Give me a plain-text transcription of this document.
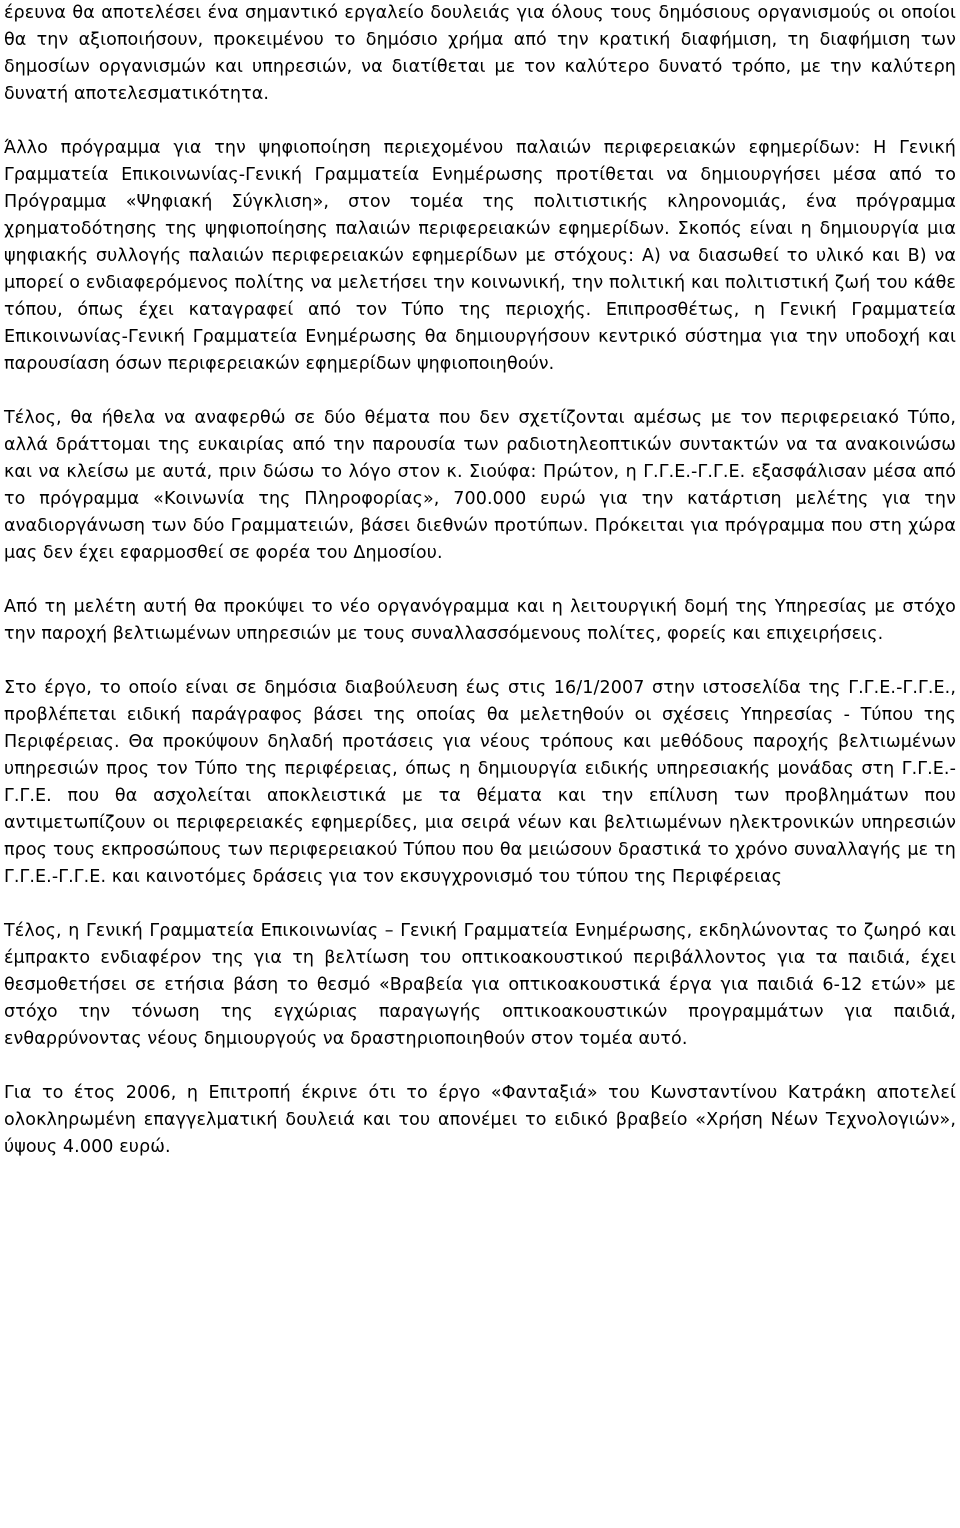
έρευνα θα αποτελέσει ένα σημαντικό εργαλείο δουλειάς για όλους τους δημόσιους οργανισμούς οι οποίοι θα την αξιοποιήσουν, προκειμένου το δημόσιο χρήμα από την κρατική διαφήμιση, τη διαφήμιση των δημοσίων οργανισμών και υπηρεσιών, να διατίθεται με τον καλύτερο δυνατό τρόπο, με την καλύτερη δυνατή αποτελεσματικότητα.

Άλλο πρόγραμμα για την ψηφιοποίηση περιεχομένου παλαιών περιφερειακών εφημερίδων: Η Γενική Γραμματεία Επικοινωνίας-Γενική Γραμματεία Ενημέρωσης προτίθεται να δημιουργήσει μέσα από το Πρόγραμμα «Ψηφιακή Σύγκλιση», στον τομέα της πολιτιστικής κληρονομιάς, ένα πρόγραμμα χρηματοδότησης της ψηφιοποίησης παλαιών περιφερειακών εφημερίδων. Σκοπός είναι η δημιουργία μια ψηφιακής συλλογής παλαιών περιφερειακών εφημερίδων με στόχους: Α) να διασωθεί το υλικό και Β) να μπορεί ο ενδιαφερόμενος πολίτης να μελετήσει την κοινωνική, την πολιτική και πολιτιστική ζωή του κάθε τόπου, όπως έχει καταγραφεί από τον Τύπο της περιοχής. Επιπροσθέτως, η Γενική Γραμματεία Επικοινωνίας-Γενική Γραμματεία Ενημέρωσης θα δημιουργήσουν κεντρικό σύστημα για την υποδοχή και παρουσίαση όσων περιφερειακών εφημερίδων ψηφιοποιηθούν.

Τέλος, θα ήθελα να αναφερθώ σε δύο θέματα που δεν σχετίζονται αμέσως με τον περιφερειακό Τύπο, αλλά δράττομαι της ευκαιρίας από την παρουσία των ραδιοτηλεοπτικών συντακτών να τα ανακοινώσω και να κλείσω με αυτά, πριν δώσω το λόγο στον κ. Σιούφα: Πρώτον, η Γ.Γ.Ε.-Γ.Γ.Ε. εξασφάλισαν μέσα από το πρόγραμμα «Κοινωνία της Πληροφορίας», 700.000 ευρώ για την κατάρτιση μελέτης για την αναδιοργάνωση των δύο Γραμματειών, βάσει διεθνών προτύπων. Πρόκειται για πρόγραμμα που στη χώρα μας δεν έχει εφαρμοσθεί σε φορέα του Δημοσίου.

Από τη μελέτη αυτή θα προκύψει το νέο οργανόγραμμα και η λειτουργική δομή της Υπηρεσίας με στόχο την παροχή βελτιωμένων υπηρεσιών με τους συναλλασσόμενους πολίτες, φορείς και επιχειρήσεις.

Στο έργο, το οποίο είναι σε δημόσια διαβούλευση έως στις 16/1/2007 στην ιστοσελίδα της Γ.Γ.Ε.-Γ.Γ.Ε., προβλέπεται ειδική παράγραφος βάσει της οποίας θα μελετηθούν οι σχέσεις Υπηρεσίας - Τύπου της Περιφέρειας. Θα προκύψουν δηλαδή προτάσεις για νέους τρόπους και μεθόδους παροχής βελτιωμένων υπηρεσιών προς τον Τύπο της περιφέρειας, όπως η δημιουργία ειδικής υπηρεσιακής μονάδας στη Γ.Γ.Ε.-Γ.Γ.Ε. που θα ασχολείται αποκλειστικά με τα θέματα και την επίλυση των προβλημάτων που αντιμετωπίζουν οι περιφερειακές εφημερίδες, μια σειρά νέων και βελτιωμένων ηλεκτρονικών υπηρεσιών προς τους εκπροσώπους των περιφερειακού Τύπου που θα μειώσουν δραστικά το χρόνο συναλλαγής με τη Γ.Γ.Ε.-Γ.Γ.Ε. και καινοτόμες δράσεις για τον εκσυγχρονισμό του τύπου της Περιφέρειας

Τέλος, η Γενική Γραμματεία Επικοινωνίας – Γενική Γραμματεία Ενημέρωσης, εκδηλώνοντας το ζωηρό και έμπρακτο ενδιαφέρον της για τη βελτίωση του οπτικοακουστικού περιβάλλοντος για τα παιδιά, έχει θεσμοθετήσει σε ετήσια βάση το θεσμό «Βραβεία για οπτικοακουστικά έργα για παιδιά 6-12 ετών» με στόχο την τόνωση της εγχώριας παραγωγής οπτικοακουστικών προγραμμάτων για παιδιά, ενθαρρύνοντας νέους δημιουργούς να δραστηριοποιηθούν στον τομέα αυτό.

Για το έτος 2006, η Επιτροπή έκρινε ότι το έργο «Φανταξιά» του Κωνσταντίνου Κατράκη αποτελεί ολοκληρωμένη επαγγελματική δουλειά και του απονέμει το ειδικό βραβείο «Χρήση Νέων Τεχνολογιών», ύψους 4.000 ευρώ.
